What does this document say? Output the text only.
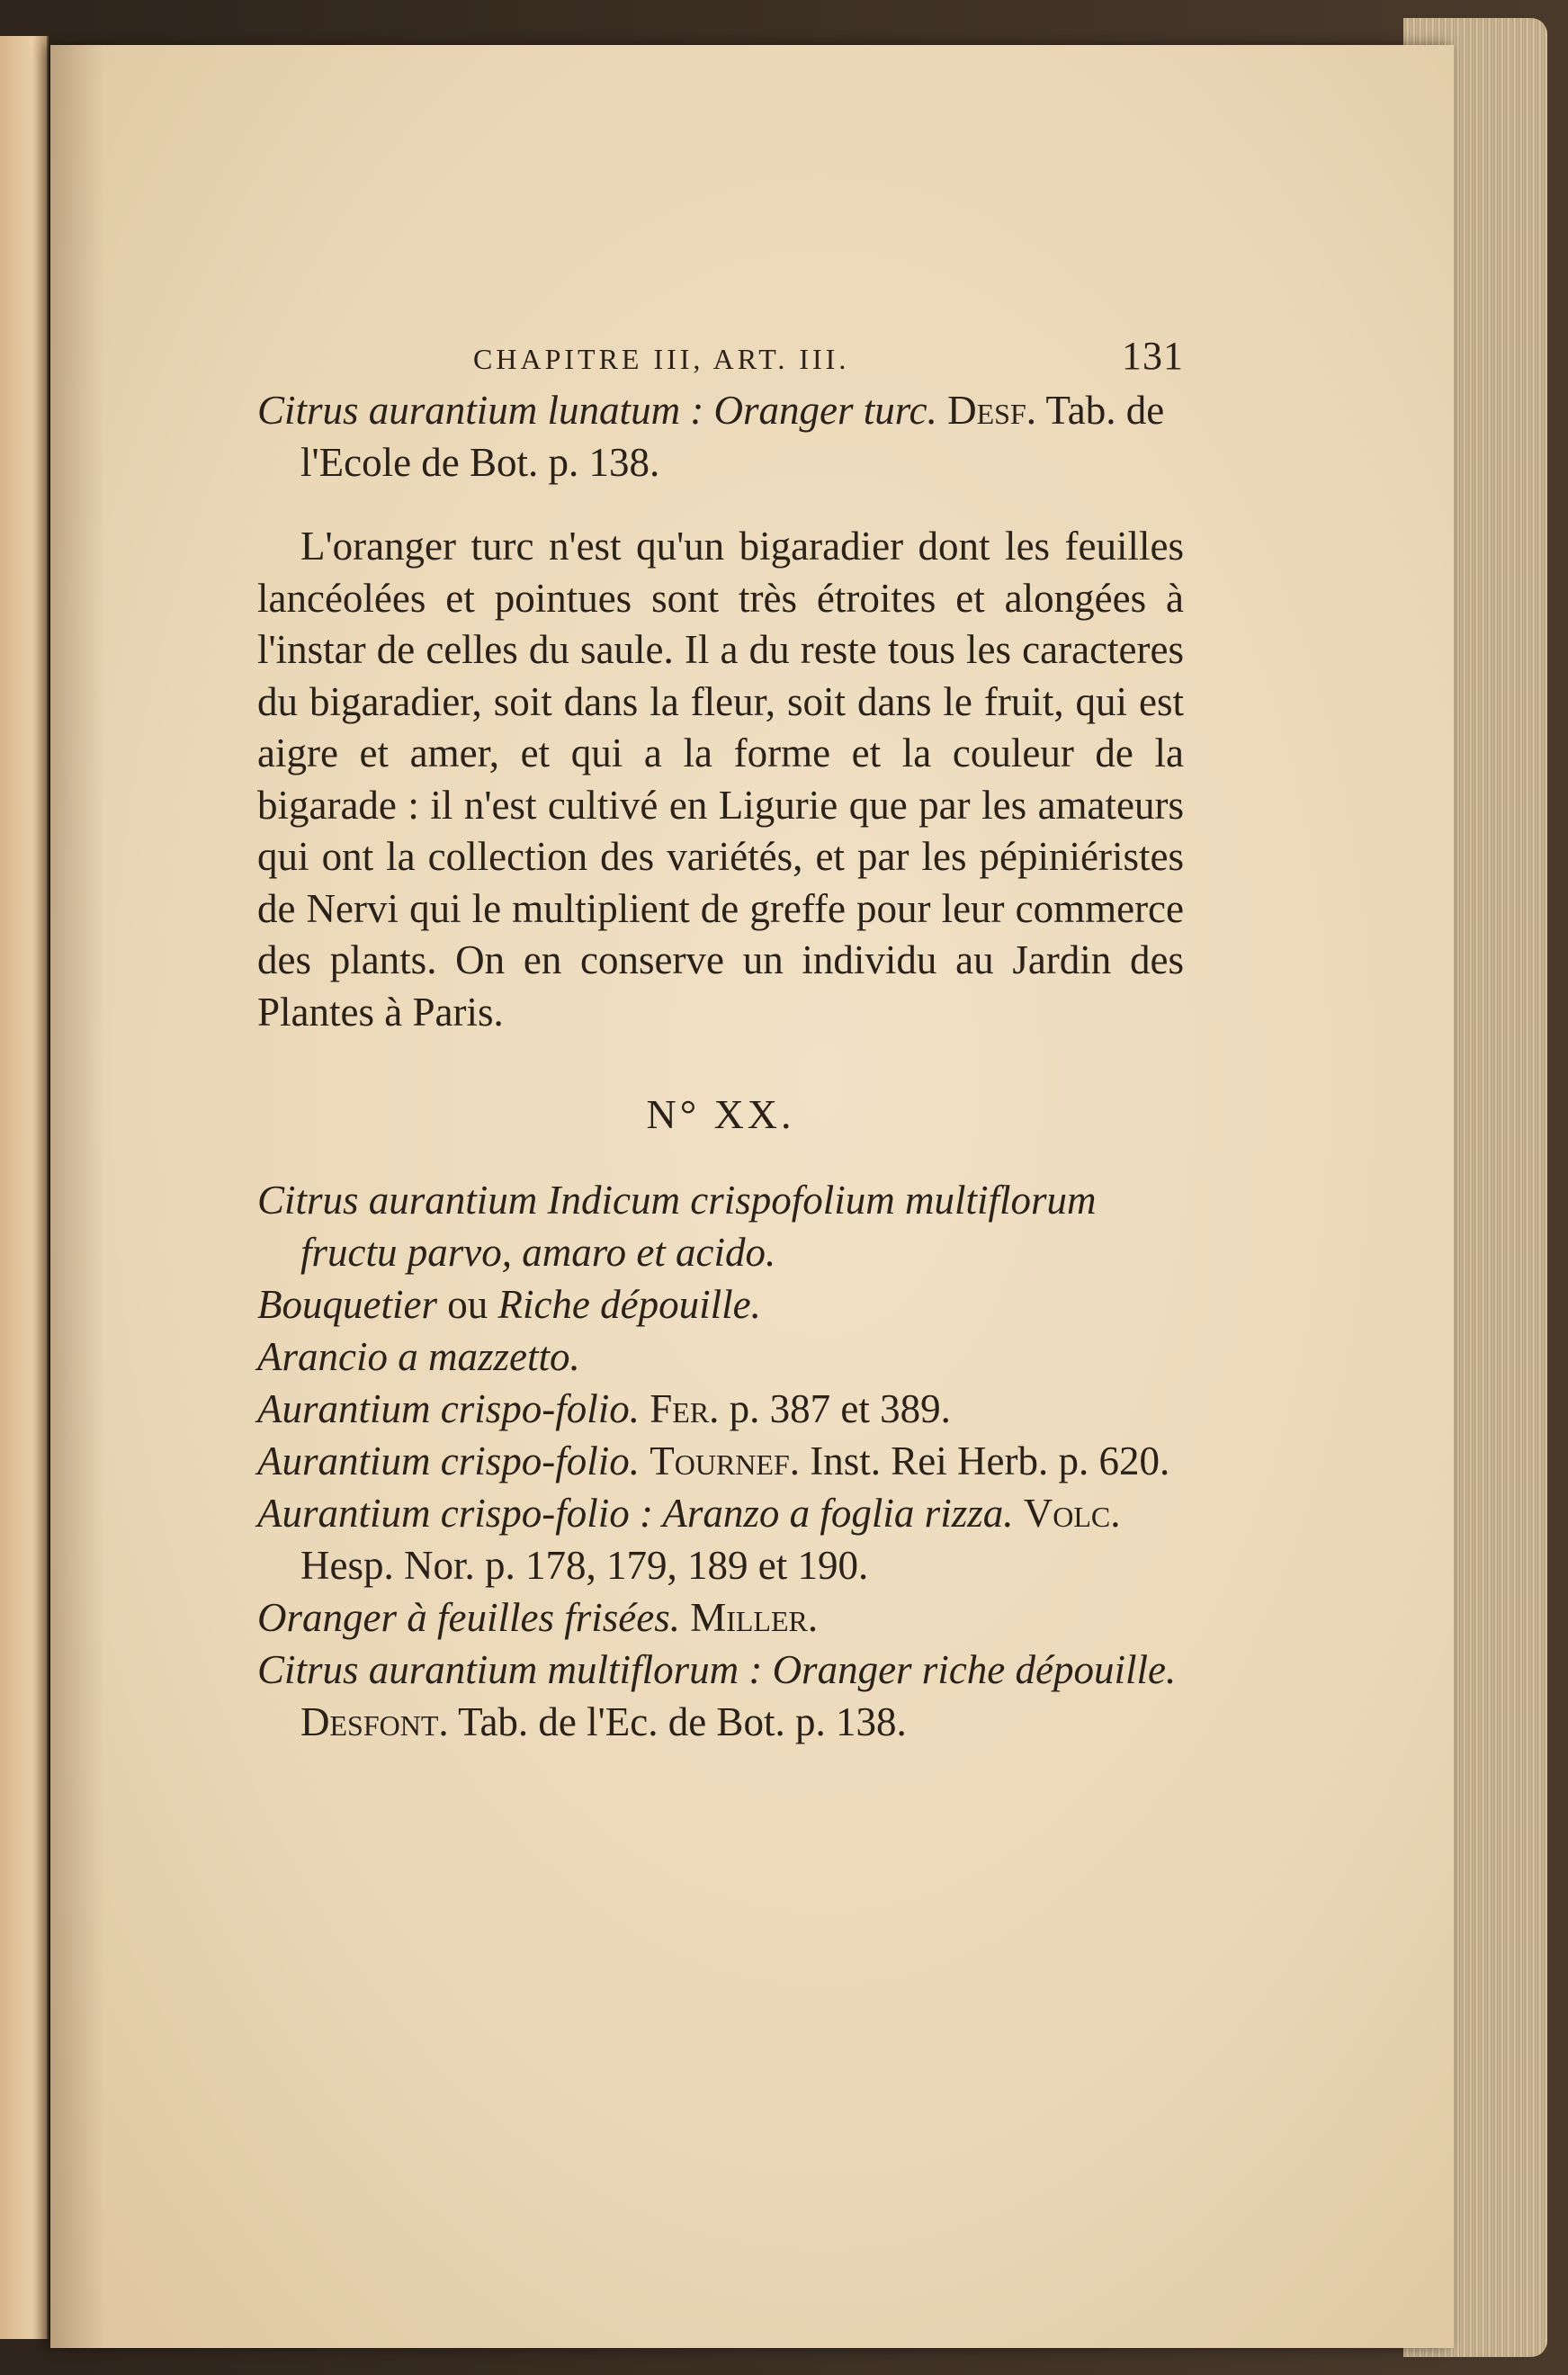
CHAPITRE III, ART. III.	131
Citrus aurantium lunatum : Oranger turc. Desf. Tab. de l'Ecole de Bot. p. 138.

L'oranger turc n'est qu'un bigaradier dont les feuilles lancéolées et pointues sont très étroites et alongées à l'instar de celles du saule. Il a du reste tous les caracteres du bigaradier, soit dans la fleur, soit dans le fruit, qui est aigre et amer, et qui a la forme et la couleur de la bigarade : il n'est cultivé en Ligurie que par les amateurs qui ont la collection des variétés, et par les pépiniéristes de Nervi qui le multiplient de greffe pour leur commerce des plants. On en conserve un individu au Jardin des Plantes à Paris.

N° XX.

Citrus aurantium Indicum crispofolium multiflorum fructu parvo, amaro et acido.

Bouquetier ou Riche dépouille.

Arancio a mazzetto.

Aurantium crispo-folio. Fer. p. 387 et 389.

Aurantium crispo-folio. Tournef. Inst. Rei Herb. p. 620.

Aurantium crispo-folio : Aranzo a foglia rizza. Volc. Hesp. Nor. p. 178, 179, 189 et 190.

Oranger à feuilles frisées. Miller.

Citrus aurantium multiflorum : Oranger riche dépouille. Desfont. Tab. de l'Ec. de Bot. p. 138.
